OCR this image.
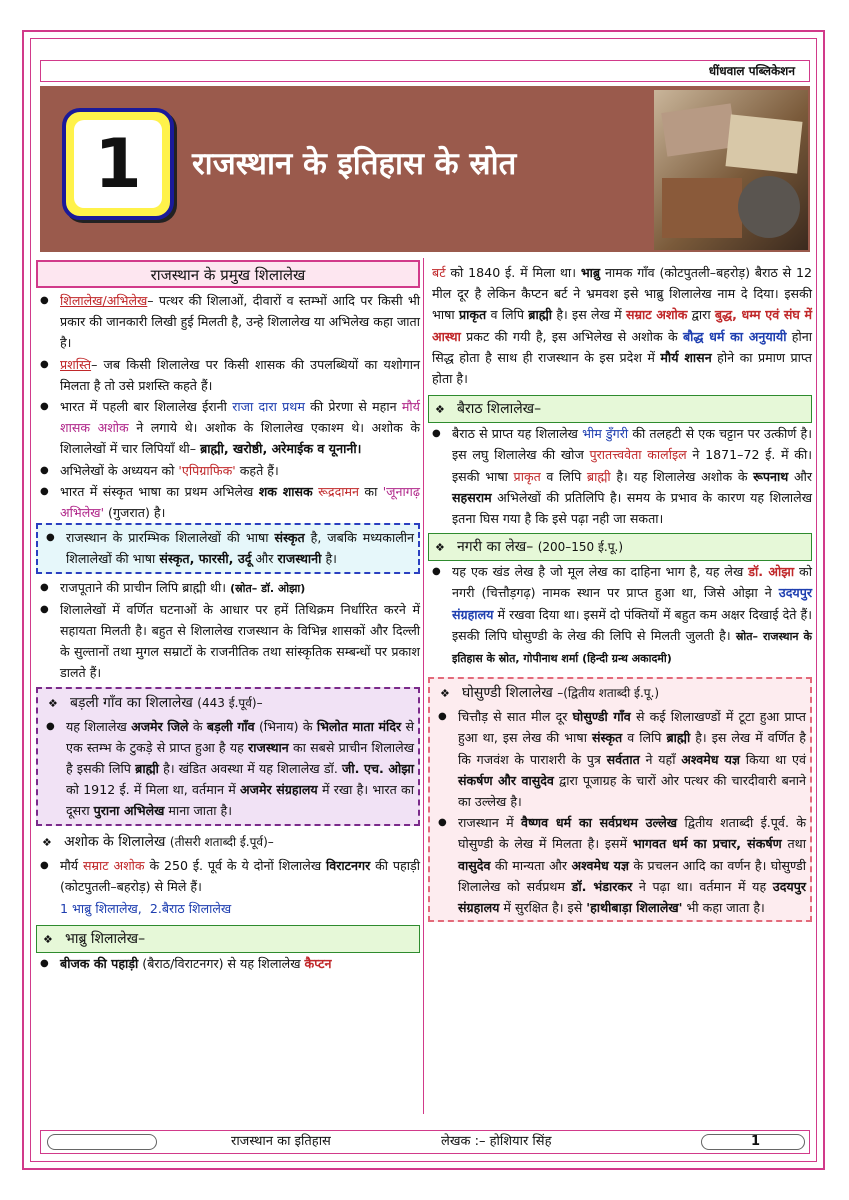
धींधवाल पब्लिकेशन
1	राजस्थान के इतिहास के स्रोत
राजस्थान के प्रमुख शिलालेख
● शिलालेख/अभिलेख– पत्थर की शिलाओं, दीवारों व स्तम्भों आदि पर किसी भी प्रकार की जानकारी लिखी हुई मिलती है, उन्हे शिलालेख या अभिलेख कहा जाता है।
● प्रशस्ति– जब किसी शिलालेख पर किसी शासक की उपलब्धियों का यशोगान मिलता है तो उसे प्रशस्ति कहते हैं।
● भारत में पहली बार शिलालेख ईरानी राजा दारा प्रथम की प्रेरणा से महान मौर्य शासक अशोक ने लगाये थे। अशोक के शिलालेख एकाश्म थे। अशोक के शिलालेखों में चार लिपियाँ थी– ब्राह्मी, खरोष्ठी, अरेमाईक व यूनानी।
● अभिलेखों के अध्ययन को 'एपिग्राफिक' कहते हैं।
● भारत में संस्कृत भाषा का प्रथम अभिलेख शक शासक रूद्रदामन का 'जूनागढ़ अभिलेख' (गुजरात) है।
● राजस्थान के प्रारम्भिक शिलालेखों की भाषा संस्कृत है, जबकि मध्यकालीन शिलालेखों की भाषा संस्कृत, फारसी, उर्दू और राजस्थानी है।
● राजपूताने की प्राचीन लिपि ब्राह्मी थी। (स्रोत– डॉ. ओझा)
● शिलालेखों में वर्णित घटनाओं के आधार पर हमें तिथिक्रम निर्धारित करने में सहायता मिलती है। बहुत से शिलालेख राजस्थान के विभिन्न शासकों और दिल्ली के सुल्तानों तथा मुगल सम्राटों के राजनीतिक तथा सांस्कृतिक सम्बन्धों पर प्रकाश डालते हैं।
❖ बड़ली गाँव का शिलालेख (443 ई.पूर्व)–
● यह शिलालेख अजमेर जिले के बड़ली गाँव (भिनाय) के भिलोत माता मंदिर से एक स्तम्भ के टुकड़े से प्राप्त हुआ है यह राजस्थान का सबसे प्राचीन शिलालेख है इसकी लिपि ब्राह्मी है। खंडित अवस्था में यह शिलालेख डॉ. जी. एच. ओझा को 1912 ई. में मिला था, वर्तमान में अजमेर संग्रहालय में रखा है। भारत का दूसरा पुराना अभिलेख माना जाता है।
❖ अशोक के शिलालेख (तीसरी शताब्दी ई.पूर्व)–
● मौर्य सम्राट अशोक के 250 ई. पूर्व के ये दोनों शिलालेख विराटनगर की पहाड़ी (कोटपुतली–बहरोड़) से मिले हैं।
1 भाब्रु शिलालेख, 2.बैराठ शिलालेख
❖ भाब्रु शिलालेख–
● बीजक की पहाड़ी (बैराठ/विराटनगर) से यह शिलालेख कैप्टन
बर्ट को 1840 ई. में मिला था। भाब्रु नामक गाँव (कोटपुतली–बहरोड़) बैराठ से 12 मील दूर है लेकिन कैप्टन बर्ट ने भ्रमवश इसे भाब्रु शिलालेख नाम दे दिया। इसकी भाषा प्राकृत व लिपि ब्राह्मी है। इस लेख में सम्राट अशोक द्वारा बुद्ध, धम्म एवं संघ में आस्था प्रकट की गयी है, इस अभिलेख से अशोक के बौद्ध धर्म का अनुयायी होना सिद्ध होता है साथ ही राजस्थान के इस प्रदेश में मौर्य शासन होने का प्रमाण प्राप्त होता है।
❖ बैराठ शिलालेख–
● बैराठ से प्राप्त यह शिलालेख भीम डुँगरी की तलहटी से एक चट्टान पर उत्कीर्ण है। इस लघु शिलालेख की खोज पुरातत्त्ववेता कार्लाइल ने 1871–72 ई. में की। इसकी भाषा प्राकृत व लिपि ब्राह्मी है। यह शिलालेख अशोक के रूपनाथ और सहसराम अभिलेखों की प्रतिलिपि है। समय के प्रभाव के कारण यह शिलालेख इतना घिस गया है कि इसे पढ़ा नही जा सकता।
❖ नगरी का लेख– (200–150 ई.पू.)
● यह एक खंड लेख है जो मूल लेख का दाहिना भाग है, यह लेख डॉ. ओझा को नगरी (चित्तौड़गढ़) नामक स्थान पर प्राप्त हुआ था, जिसे ओझा ने उदयपुर संग्रहालय में रखवा दिया था। इसमें दो पंक्तियों में बहुत कम अक्षर दिखाई देते हैं। इसकी लिपि घोसुण्डी के लेख की लिपि से मिलती जुलती है। स्रोत– राजस्थान के इतिहास के स्रोत, गोपीनाथ शर्मा (हिन्दी ग्रन्थ अकादमी)
❖ घोसुण्डी शिलालेख –(द्वितीय शताब्दी ई.पू.)
● चित्तौड़ से सात मील दूर घोसुण्डी गाँव से कई शिलाखण्डों में टूटा हुआ प्राप्त हुआ था, इस लेख की भाषा संस्कृत व लिपि ब्राह्मी है। इस लेख में वर्णित है कि गजवंश के पाराशरी के पुत्र सर्वतात ने यहाँ अश्वमेध यज्ञ किया था एवं संकर्षण और वासुदेव द्वारा पूजाग्रह के चारों ओर पत्थर की चारदीवारी बनाने का उल्लेख है।
● राजस्थान में वैष्णव धर्म का सर्वप्रथम उल्लेख द्वितीय शताब्दी ई.पूर्व. के घोसुण्डी के लेख में मिलता है। इसमें भागवत धर्म का प्रचार, संकर्षण तथा वासुदेव की मान्यता और अश्वमेध यज्ञ के प्रचलन आदि का वर्णन है। घोसुण्डी शिलालेख को सर्वप्रथम डॉ. भंडारकर ने पढ़ा था। वर्तमान में यह उदयपुर संग्रहालय में सुरक्षित है। इसे 'हाथीबाड़ा शिलालेख' भी कहा जाता है।
राजस्थान का इतिहास	लेखक :– होशियार सिंह	1
